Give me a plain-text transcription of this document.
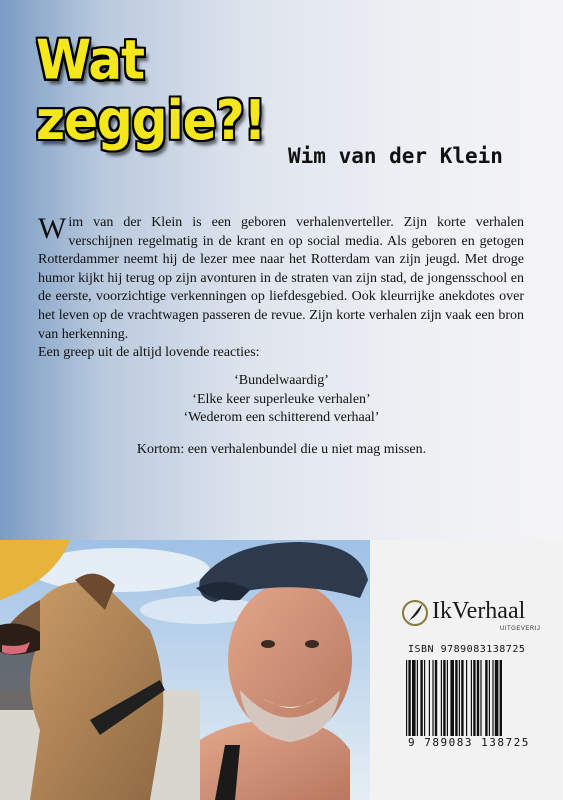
Wat
zeggie?!
Wim van der Klein
Wim van der Klein is een geboren verhalenverteller. Zijn korte verhalen verschijnen regelmatig in de krant en op social media. Als geboren en getogen Rotterdammer neemt hij de lezer mee naar het Rotterdam van zijn jeugd. Met droge humor kijkt hij terug op zijn avonturen in de straten van zijn stad, de jongensschool en de eerste, voorzichtige verkenningen op liefdesgebied. Ook kleurrijke anekdotes over het leven op de vrachtwagen passeren de revue. Zijn korte verhalen zijn vaak een bron van herkenning.
Een greep uit de altijd lovende reacties:
‘Bundelwaardig’
‘Elke keer superleuke verhalen’
‘Wederom een schitterend verhaal’
Kortom: een verhalenbundel die u niet mag missen.
IkVerhaal
UITGEVERIJ
ISBN 9789083138725
9 789083 138725
